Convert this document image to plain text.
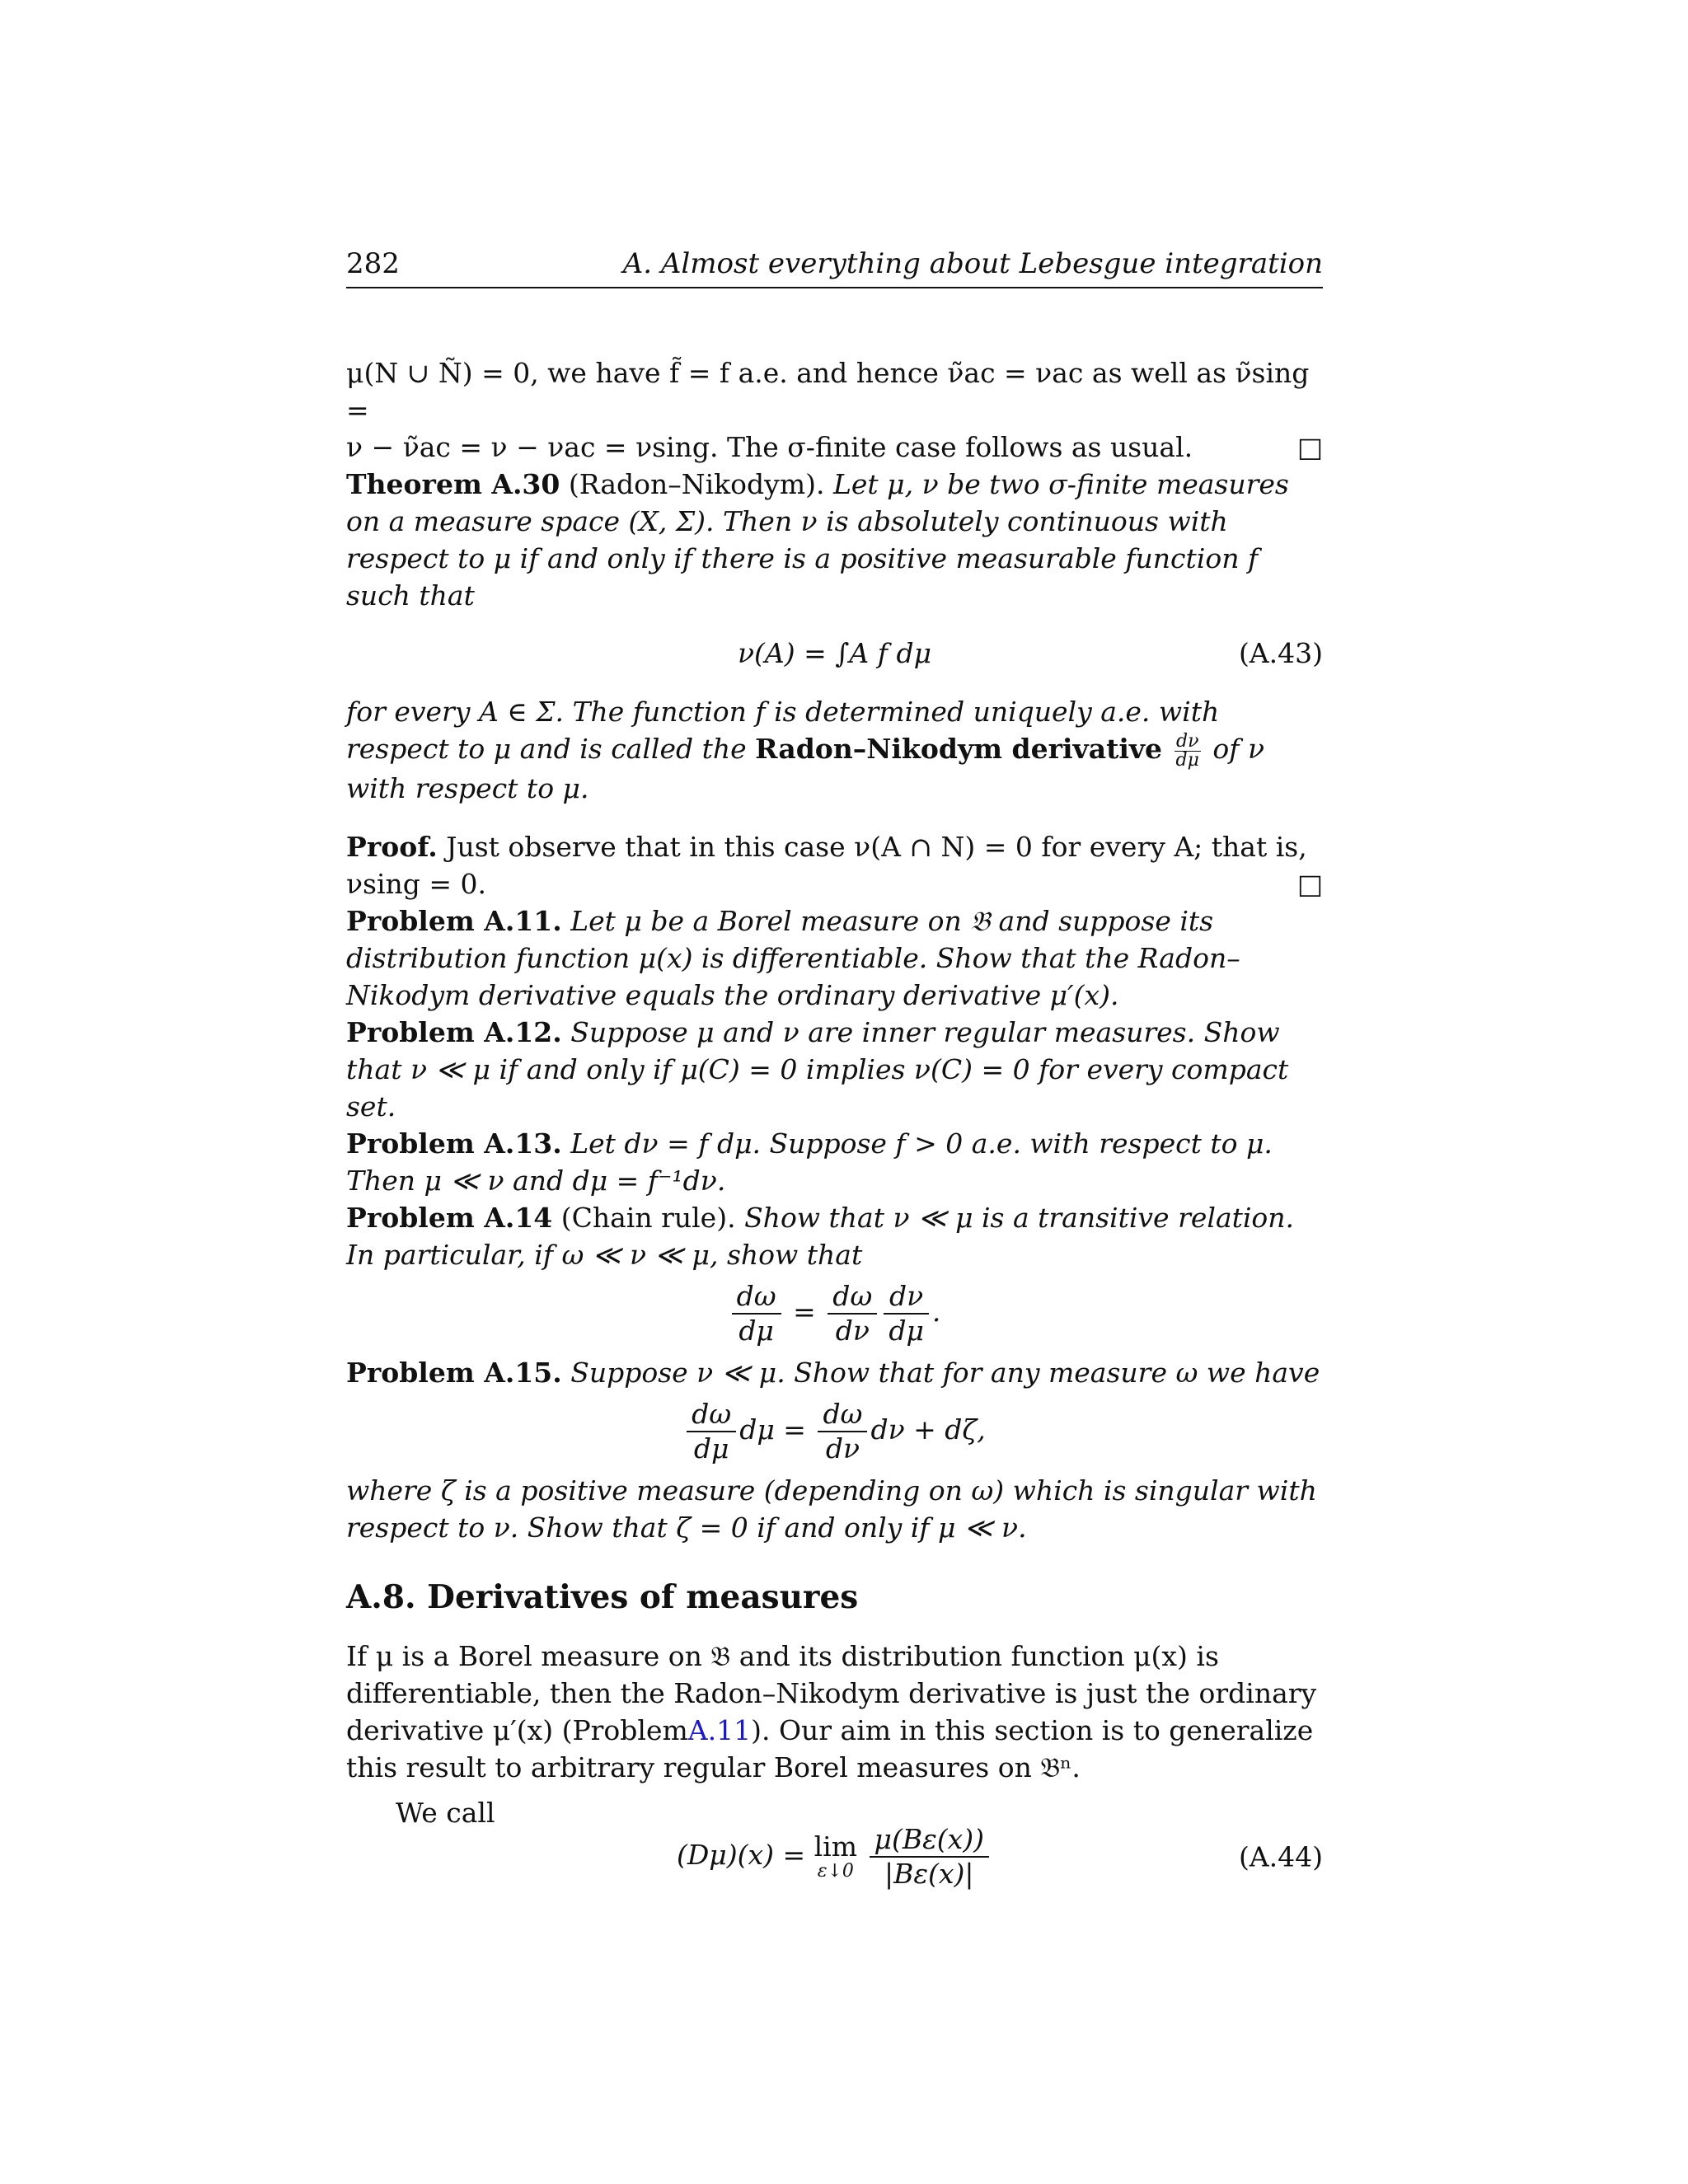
282	A. Almost everything about Lebesgue integration

μ(N ∪ Ñ) = 0, we have f̃ = f a.e. and hence ν̃ac = νac as well as ν̃sing =
ν − ν̃ac = ν − νac = νsing. The σ-finite case follows as usual.	□

Theorem A.30 (Radon–Nikodym). Let μ, ν be two σ-finite measures on a measure space (X, Σ). Then ν is absolutely continuous with respect to μ if and only if there is a positive measurable function f such that

ν(A) = ∫A f dμ	(A.43)

for every A ∈ Σ. The function f is determined uniquely a.e. with respect to μ and is called the Radon–Nikodym derivative $\frac{d\nu}{d\mu}$ of ν with respect to μ.

Proof. Just observe that in this case ν(A ∩ N) = 0 for every A; that is, νsing = 0.	□

Problem A.11. Let μ be a Borel measure on 𝔅 and suppose its distribution function μ(x) is differentiable. Show that the Radon–Nikodym derivative equals the ordinary derivative μ′(x).

Problem A.12. Suppose μ and ν are inner regular measures. Show that ν ≪ μ if and only if μ(C) = 0 implies ν(C) = 0 for every compact set.

Problem A.13. Let dν = f dμ. Suppose f > 0 a.e. with respect to μ. Then μ ≪ ν and dμ = f⁻¹dν.

Problem A.14 (Chain rule). Show that ν ≪ μ is a transitive relation. In particular, if ω ≪ ν ≪ μ, show that

$\frac{d\omega}{d\mu} = \frac{d\omega}{d\nu} \frac{d\nu}{d\mu}$ .

Problem A.15. Suppose ν ≪ μ. Show that for any measure ω we have

$\frac{d\omega}{d\mu}$ $d\mu = \frac{d\omega}{d\nu}$ dν + dζ,

where ζ is a positive measure (depending on ω) which is singular with respect to ν. Show that ζ = 0 if and only if μ ≪ ν.

A.8. Derivatives of measures

If μ is a Borel measure on 𝔅 and its distribution function μ(x) is differentiable, then the Radon–Nikodym derivative is just the ordinary derivative μ′(x) (ProblemA.11). Our aim in this section is to generalize this result to arbitrary regular Borel measures on 𝔅ⁿ.

We call

(Dμ)(x) = lim
ε↓0
$\frac{\mu(B\varepsilon(x))}{|B\varepsilon(x)|}$	(A.44)
